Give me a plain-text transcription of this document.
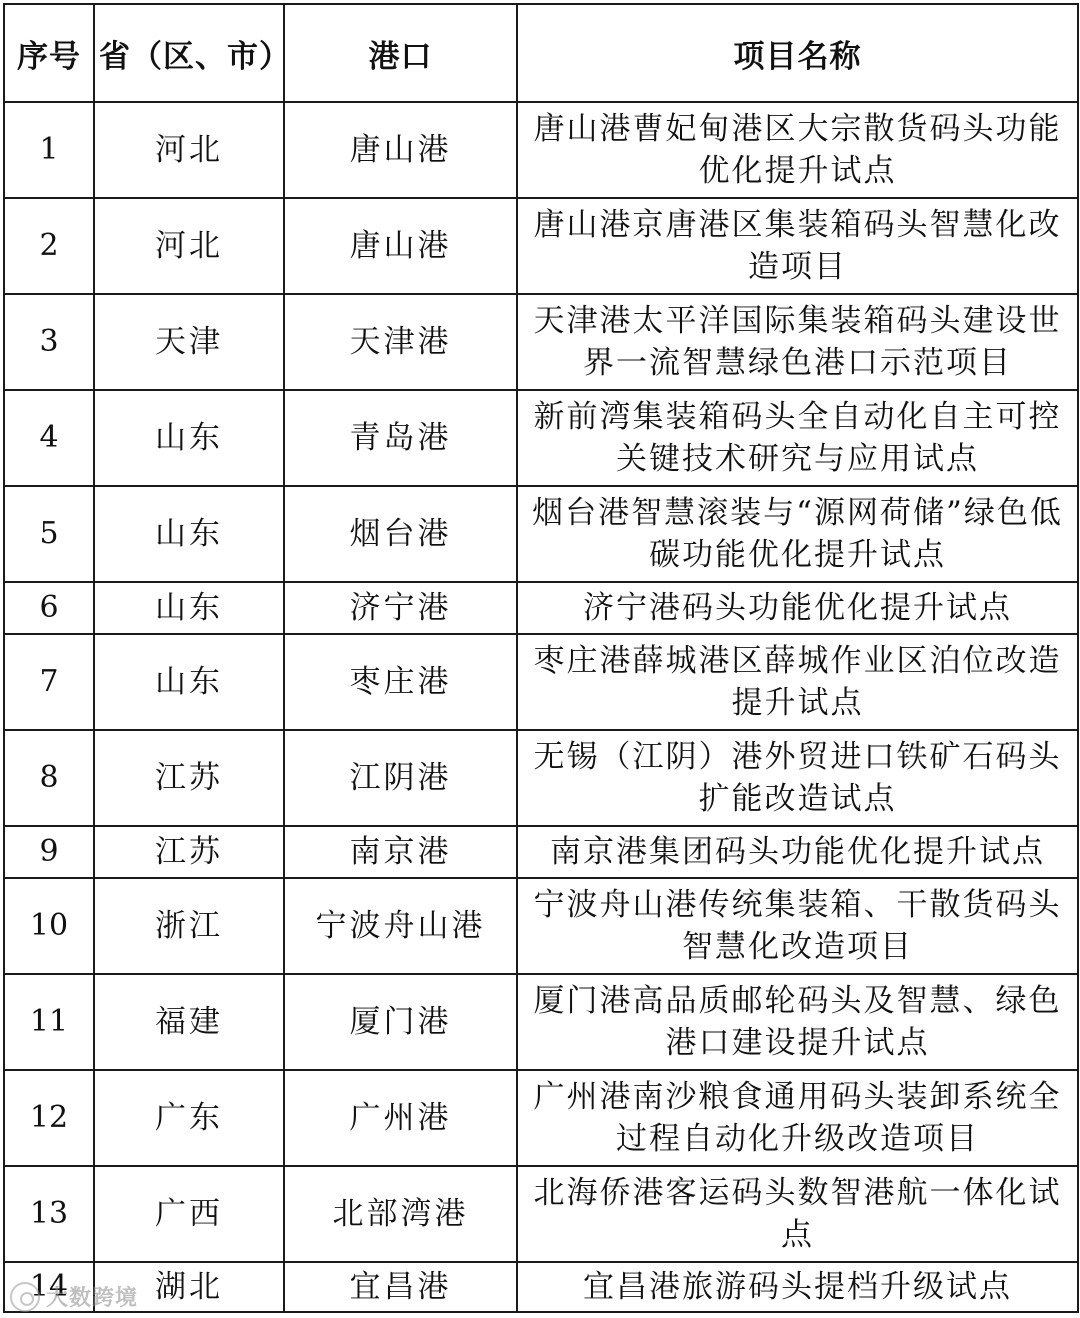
序号	省（区、市）	港口	项目名称
1	河北	唐山港	唐山港曹妃甸港区大宗散货码头功能优化提升试点
2	河北	唐山港	唐山港京唐港区集装箱码头智慧化改造项目
3	天津	天津港	天津港太平洋国际集装箱码头建设世界一流智慧绿色港口示范项目
4	山东	青岛港	新前湾集装箱码头全自动化自主可控关键技术研究与应用试点
5	山东	烟台港	烟台港智慧滚装与“源网荷储”绿色低碳功能优化提升试点
6	山东	济宁港	济宁港码头功能优化提升试点
7	山东	枣庄港	枣庄港薛城港区薛城作业区泊位改造提升试点
8	江苏	江阴港	无锡（江阴）港外贸进口铁矿石码头扩能改造试点
9	江苏	南京港	南京港集团码头功能优化提升试点
10	浙江	宁波舟山港	宁波舟山港传统集装箱、干散货码头智慧化改造项目
11	福建	厦门港	厦门港高品质邮轮码头及智慧、绿色港口建设提升试点
12	广东	广州港	广州港南沙粮食通用码头装卸系统全过程自动化升级改造项目
13	广西	北部湾港	北海侨港客运码头数智港航一体化试点
14	湖北	宜昌港	宜昌港旅游码头提档升级试点
大数跨境
